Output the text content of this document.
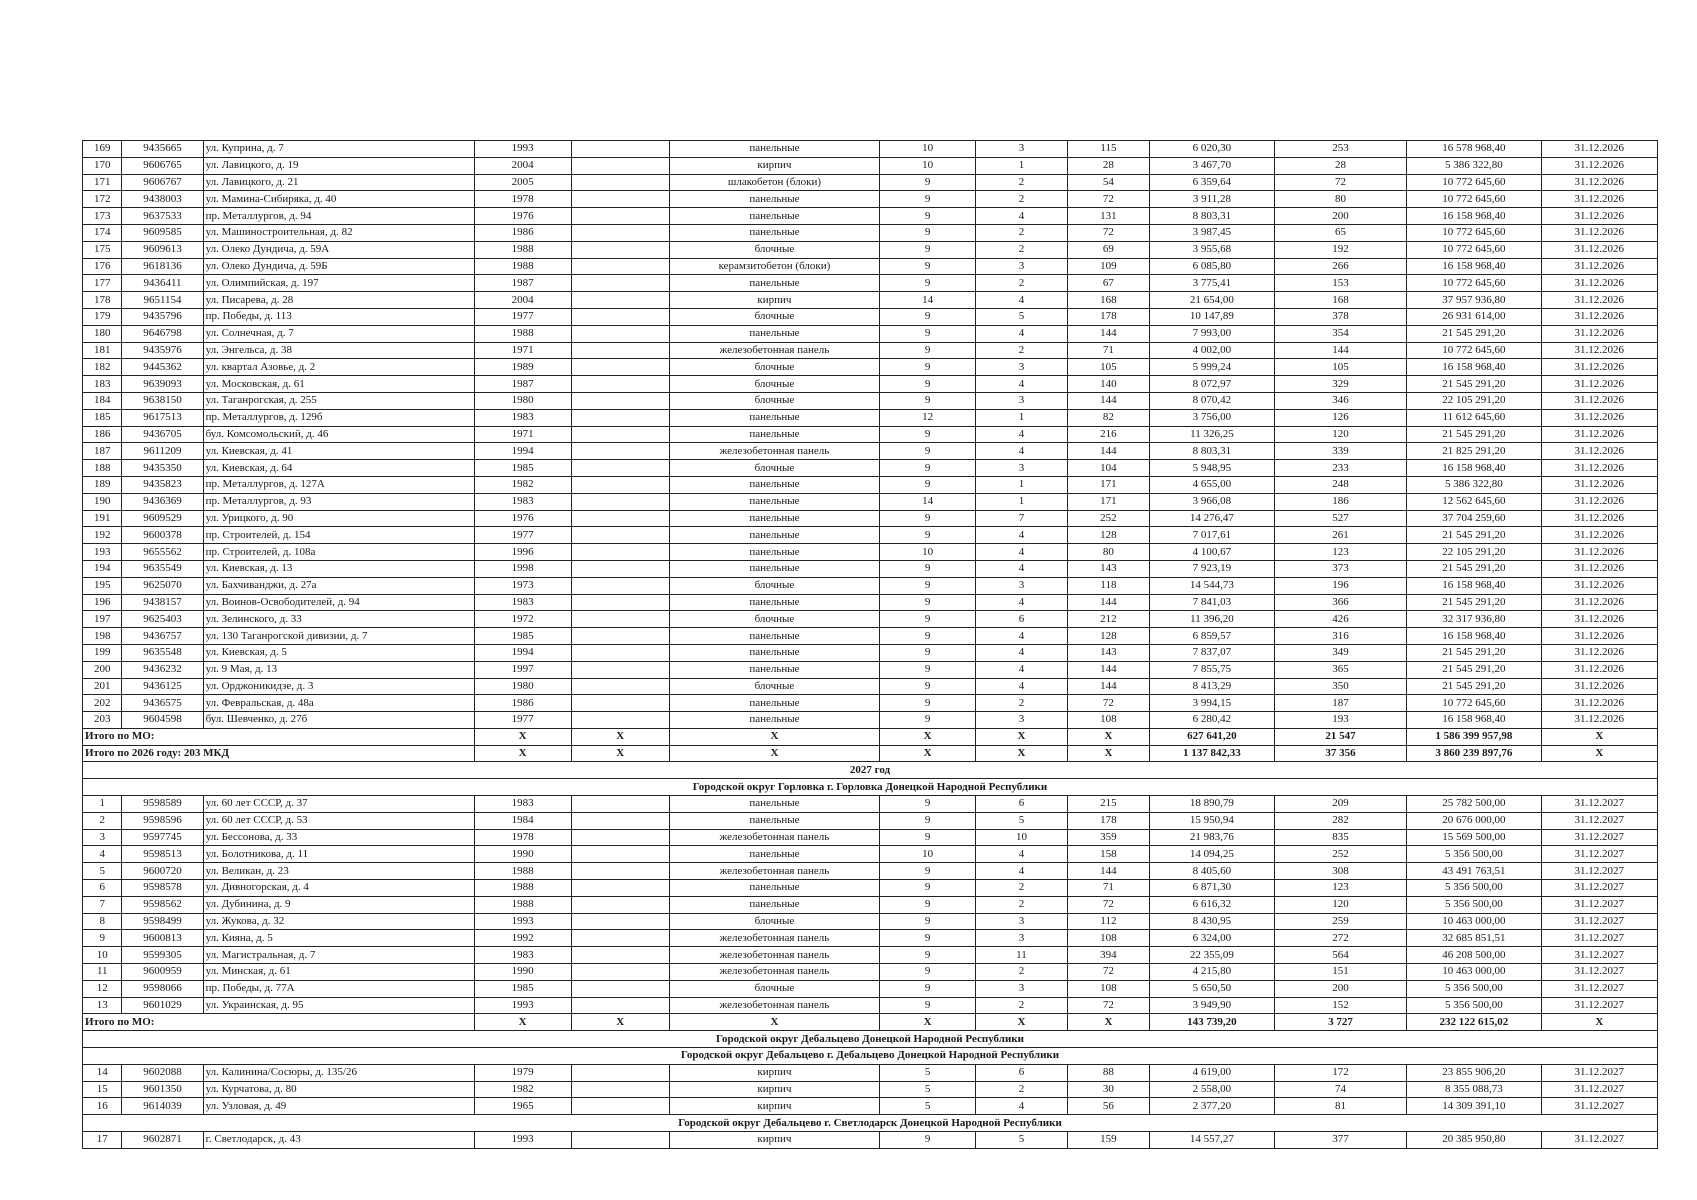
169	9435665	ул. Куприна, д. 7	1993		панельные	10	3	115	6 020,30	253	16 578 968,40	31.12.2026
170	9606765	ул. Лавицкого, д. 19	2004		кирпич	10	1	28	3 467,70	28	5 386 322,80	31.12.2026
171	9606767	ул. Лавицкого, д. 21	2005		шлакобетон (блоки)	9	2	54	6 359,64	72	10 772 645,60	31.12.2026
172	9438003	ул. Мамина-Сибиряка, д. 40	1978		панельные	9	2	72	3 911,28	80	10 772 645,60	31.12.2026
173	9637533	пр. Металлургов, д. 94	1976		панельные	9	4	131	8 803,31	200	16 158 968,40	31.12.2026
174	9609585	ул. Машиностроительная, д. 82	1986		панельные	9	2	72	3 987,45	65	10 772 645,60	31.12.2026
175	9609613	ул. Олеко Дундича, д. 59А	1988		блочные	9	2	69	3 955,68	192	10 772 645,60	31.12.2026
176	9618136	ул. Олеко Дундича, д. 59Б	1988		керамзитобетон (блоки)	9	3	109	6 085,80	266	16 158 968,40	31.12.2026
177	9436411	ул. Олимпийская, д. 197	1987		панельные	9	2	67	3 775,41	153	10 772 645,60	31.12.2026
178	9651154	ул. Писарева, д. 28	2004		кирпич	14	4	168	21 654,00	168	37 957 936,80	31.12.2026
179	9435796	пр. Победы, д. 113	1977		блочные	9	5	178	10 147,89	378	26 931 614,00	31.12.2026
180	9646798	ул. Солнечная, д. 7	1988		панельные	9	4	144	7 993,00	354	21 545 291,20	31.12.2026
181	9435976	ул. Энгельса, д. 38	1971		железобетонная панель	9	2	71	4 002,00	144	10 772 645,60	31.12.2026
182	9445362	ул. квартал Азовье, д. 2	1989		блочные	9	3	105	5 999,24	105	16 158 968,40	31.12.2026
183	9639093	ул. Московская, д. 61	1987		блочные	9	4	140	8 072,97	329	21 545 291,20	31.12.2026
184	9638150	ул. Таганрогская, д. 255	1980		блочные	9	3	144	8 070,42	346	22 105 291,20	31.12.2026
185	9617513	пр. Металлургов, д. 129б	1983		панельные	12	1	82	3 756,00	126	11 612 645,60	31.12.2026
186	9436705	бул. Комсомольский, д. 46	1971		панельные	9	4	216	11 326,25	120	21 545 291,20	31.12.2026
187	9611209	ул. Киевская, д. 41	1994		железобетонная панель	9	4	144	8 803,31	339	21 825 291,20	31.12.2026
188	9435350	ул. Киевская, д. 64	1985		блочные	9	3	104	5 948,95	233	16 158 968,40	31.12.2026
189	9435823	пр. Металлургов, д. 127А	1982		панельные	9	1	171	4 655,00	248	5 386 322,80	31.12.2026
190	9436369	пр. Металлургов, д. 93	1983		панельные	14	1	171	3 966,08	186	12 562 645,60	31.12.2026
191	9609529	ул. Урицкого, д. 90	1976		панельные	9	7	252	14 276,47	527	37 704 259,60	31.12.2026
192	9600378	пр. Строителей, д. 154	1977		панельные	9	4	128	7 017,61	261	21 545 291,20	31.12.2026
193	9655562	пр. Строителей, д. 108а	1996		панельные	10	4	80	4 100,67	123	22 105 291,20	31.12.2026
194	9635549	ул. Киевская, д. 13	1998		панельные	9	4	143	7 923,19	373	21 545 291,20	31.12.2026
195	9625070	ул. Бахчиванджи, д. 27а	1973		блочные	9	3	118	14 544,73	196	16 158 968,40	31.12.2026
196	9438157	ул. Воинов-Освободителей, д. 94	1983		панельные	9	4	144	7 841,03	366	21 545 291,20	31.12.2026
197	9625403	ул. Зелинского, д. 33	1972		блочные	9	6	212	11 396,20	426	32 317 936,80	31.12.2026
198	9436757	ул. 130 Таганрогской дивизии, д. 7	1985		панельные	9	4	128	6 859,57	316	16 158 968,40	31.12.2026
199	9635548	ул. Киевская, д. 5	1994		панельные	9	4	143	7 837,07	349	21 545 291,20	31.12.2026
200	9436232	ул. 9 Мая, д. 13	1997		панельные	9	4	144	7 855,75	365	21 545 291,20	31.12.2026
201	9436125	ул. Орджоникидзе, д. 3	1980		блочные	9	4	144	8 413,29	350	21 545 291,20	31.12.2026
202	9436575	ул. Февральская, д. 48а	1986		панельные	9	2	72	3 994,15	187	10 772 645,60	31.12.2026
203	9604598	бул. Шевченко, д. 27б	1977		панельные	9	3	108	6 280,42	193	16 158 968,40	31.12.2026
Итого по МО:			X	X	X	X	X	X	627 641,20	21 547	1 586 399 957,98	X
Итого по 2026 году: 203 МКД			X	X	X	X	X	X	1 137 842,33	37 356	3 860 239 897,76	X
2027 год												
Городской округ Горловка г. Горловка Донецкой Народной Республики												
1	9598589	ул. 60 лет СССР, д. 37	1983		панельные	9	6	215	18 890,79	209	25 782 500,00	31.12.2027
2	9598596	ул. 60 лет СССР, д. 53	1984		панельные	9	5	178	15 950,94	282	20 676 000,00	31.12.2027
3	9597745	ул. Бессонова, д. 33	1978		железобетонная панель	9	10	359	21 983,76	835	15 569 500,00	31.12.2027
4	9598513	ул. Болотникова, д. 11	1990		панельные	10	4	158	14 094,25	252	5 356 500,00	31.12.2027
5	9600720	ул. Великан, д. 23	1988		железобетонная панель	9	4	144	8 405,60	308	43 491 763,51	31.12.2027
6	9598578	ул. Дивногорская, д. 4	1988		панельные	9	2	71	6 871,30	123	5 356 500,00	31.12.2027
7	9598562	ул. Дубинина, д. 9	1988		панельные	9	2	72	6 616,32	120	5 356 500,00	31.12.2027
8	9598499	ул. Жукова, д. 32	1993		блочные	9	3	112	8 430,95	259	10 463 000,00	31.12.2027
9	9600813	ул. Кияна, д. 5	1992		железобетонная панель	9	3	108	6 324,00	272	32 685 851,51	31.12.2027
10	9599305	ул. Магистральная, д. 7	1983		железобетонная панель	9	11	394	22 355,09	564	46 208 500,00	31.12.2027
11	9600959	ул. Минская, д. 61	1990		железобетонная панель	9	2	72	4 215,80	151	10 463 000,00	31.12.2027
12	9598066	пр. Победы, д. 77А	1985		блочные	9	3	108	5 650,50	200	5 356 500,00	31.12.2027
13	9601029	ул. Украинская, д. 95	1993		железобетонная панель	9	2	72	3 949,90	152	5 356 500,00	31.12.2027
Итого по МО:			X	X	X	X	X	X	143 739,20	3 727	232 122 615,02	X
Городской округ Дебальцево Донецкой Народной Республики												
Городской округ Дебальцево г. Дебальцево Донецкой Народной Республики												
14	9602088	ул. Калинина/Сосюры, д. 135/26	1979		кирпич	5	6	88	4 619,00	172	23 855 906,20	31.12.2027
15	9601350	ул. Курчатова, д. 80	1982		кирпич	5	2	30	2 558,00	74	8 355 088,73	31.12.2027
16	9614039	ул. Узловая, д. 49	1965		кирпич	5	4	56	2 377,20	81	14 309 391,10	31.12.2027
Городской округ Дебальцево г. Светлодарск Донецкой Народной Республики												
17	9602871	г. Светлодарск, д. 43	1993		кирпич	9	5	159	14 557,27	377	20 385 950,80	31.12.2027
